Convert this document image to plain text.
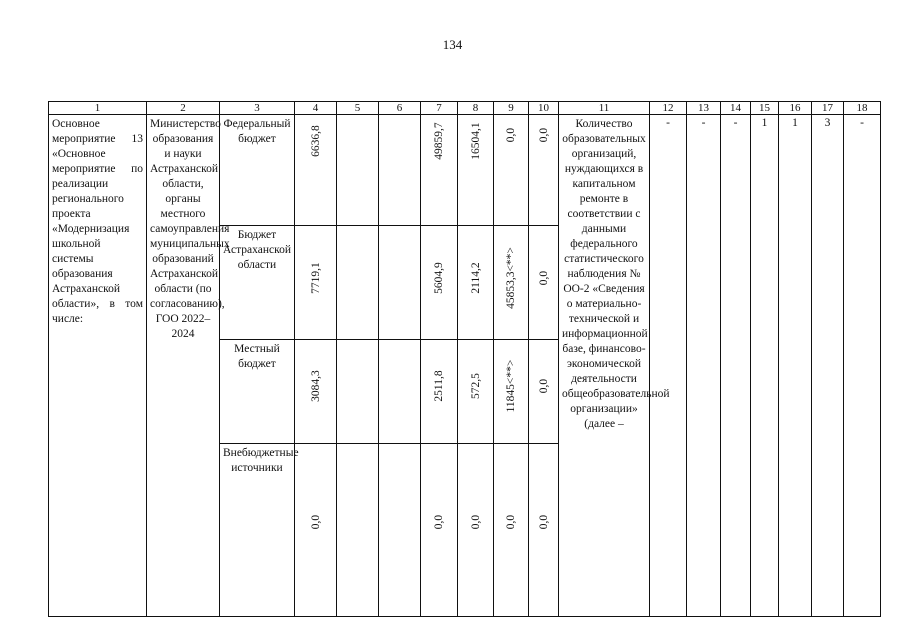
134
1	2	3	4	5	6	7	8	9	10	11	12	13	14	15	16	17	18

Основное мероприятие 13 «Основное мероприятие по реализации регионального проекта «Модернизация школьной системы образования Астраханской области», в том числе:	Министерство образования и науки Астраханской области, органы местного самоуправления муниципальных образований Астраханской области (по согласованию), ГОО 2022–2024	Федеральный бюджет	6636,8			49859,7	16504,1	0,0	0,0	Количество образовательных организаций, нуждающихся в капитальном ремонте в соответствии с данными федерального статистического наблюдения № ОО-2 «Сведения о материально-технической и информационной базе, финансово-экономической деятельности общеобразовательной организации» (далее –	-	-	-	1	1	3	-

		Бюджет Астраханской области	7719,1			5604,9	2114,2	45853,3<**>	0,0								

		Местный бюджет	3084,3			2511,8	572,5	11845<**>	0,0								

		Внебюджетные источники	0,0			0,0	0,0	0,0	0,0								
